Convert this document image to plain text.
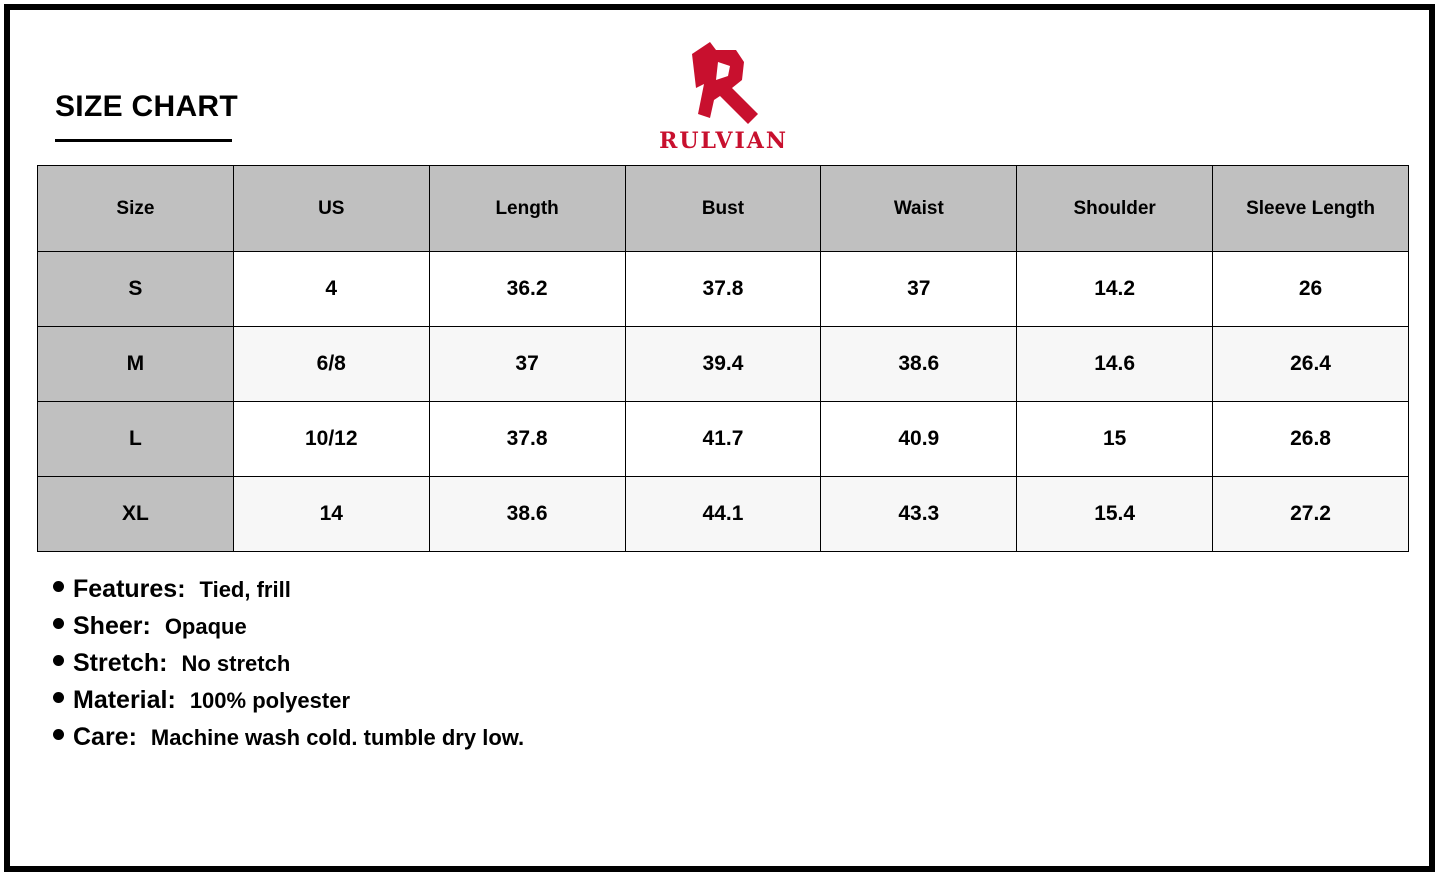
SIZE CHART
RULVIAN
Size	US	Length	Bust	Waist	Shoulder	Sleeve Length
S	4	36.2	37.8	37	14.2	26
M	6/8	37	39.4	38.6	14.6	26.4
L	10/12	37.8	41.7	40.9	15	26.8
XL	14	38.6	44.1	43.3	15.4	27.2
Features: Tied, frill
Sheer: Opaque
Stretch: No stretch
Material: 100% polyester
Care: Machine wash cold. tumble dry low.
